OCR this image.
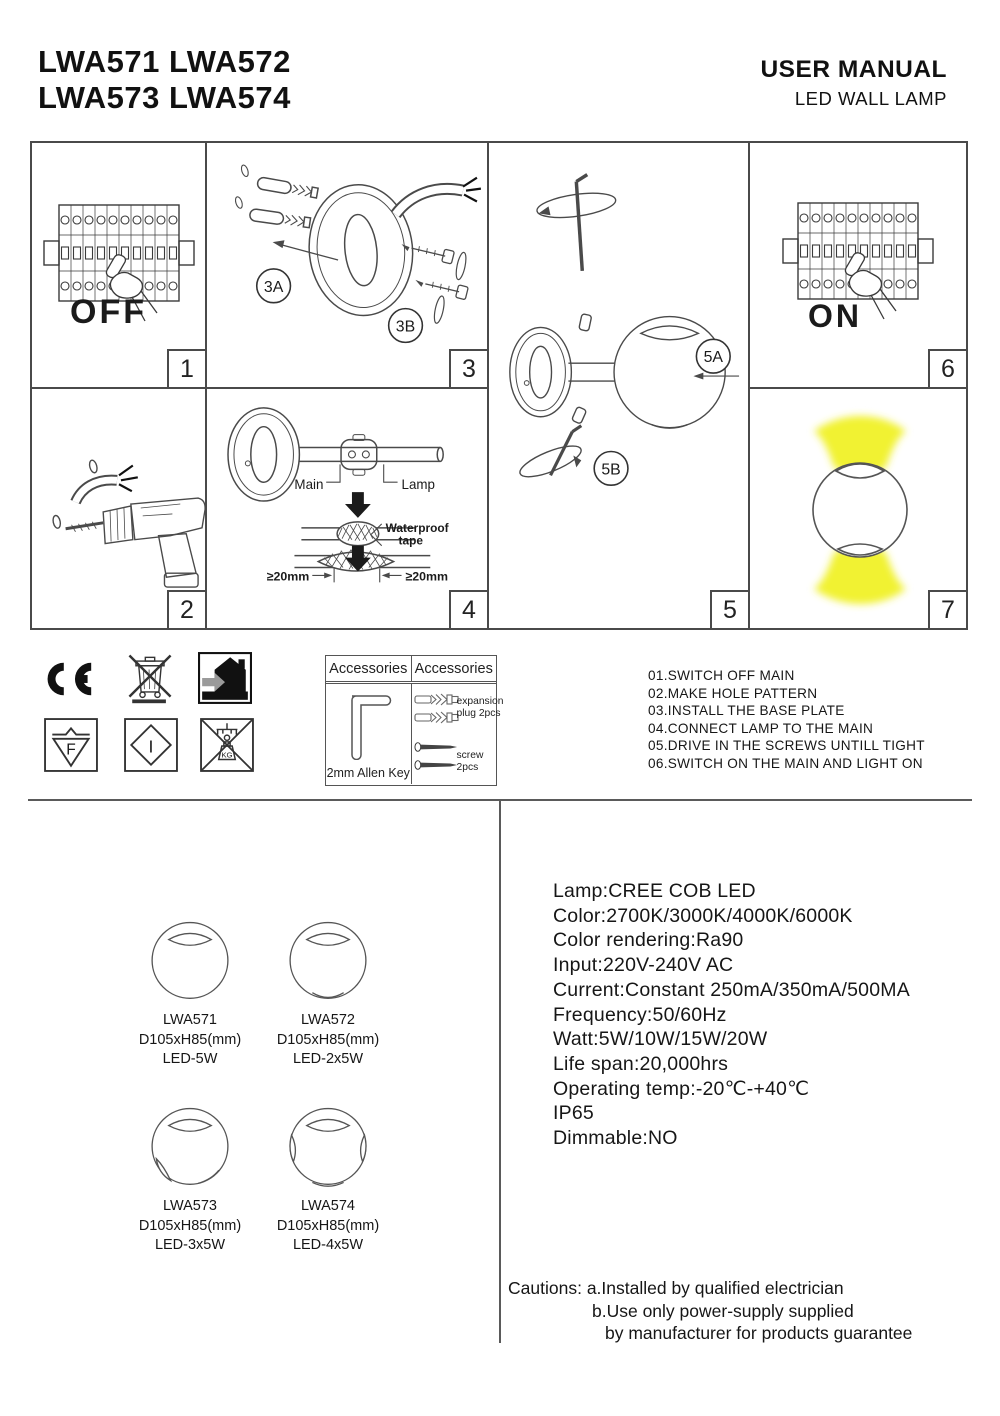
LWA571 LWA572
LWA573 LWA574
USER MANUAL
LED WALL LAMP
OFF
1
2
3A
3B
3
Main	Lamp
Waterproof
tape
≥20mm	≥20mm
4
5A
5B
5
ON
6
7
F	I	KG
Accessories Accessories
2mm Allen Key
expansion
plug 2pcs
screw 2pcs
01.SWITCH OFF MAIN
02.MAKE HOLE PATTERN
03.INSTALL THE BASE PLATE
04.CONNECT LAMP TO THE MAIN
05.DRIVE IN THE SCREWS UNTILL TIGHT
06.SWITCH ON THE MAIN AND LIGHT ON
LWA571
D105xH85(mm)
LED-5W
LWA572
D105xH85(mm)
LED-2x5W
LWA573
D105xH85(mm)
LED-3x5W
LWA574
D105xH85(mm)
LED-4x5W
Lamp:CREE COB LED
Color:2700K/3000K/4000K/6000K
Color rendering:Ra90
Input:220V-240V AC
Current:Constant 250mA/350mA/500MA
Frequency:50/60Hz
Watt:5W/10W/15W/20W
Life span:20,000hrs
Operating temp:-20℃-+40℃
IP65
Dimmable:NO
Cautions: a.Installed by qualified electrician
b.Use only power-supply supplied
by manufacturer for products guarantee
